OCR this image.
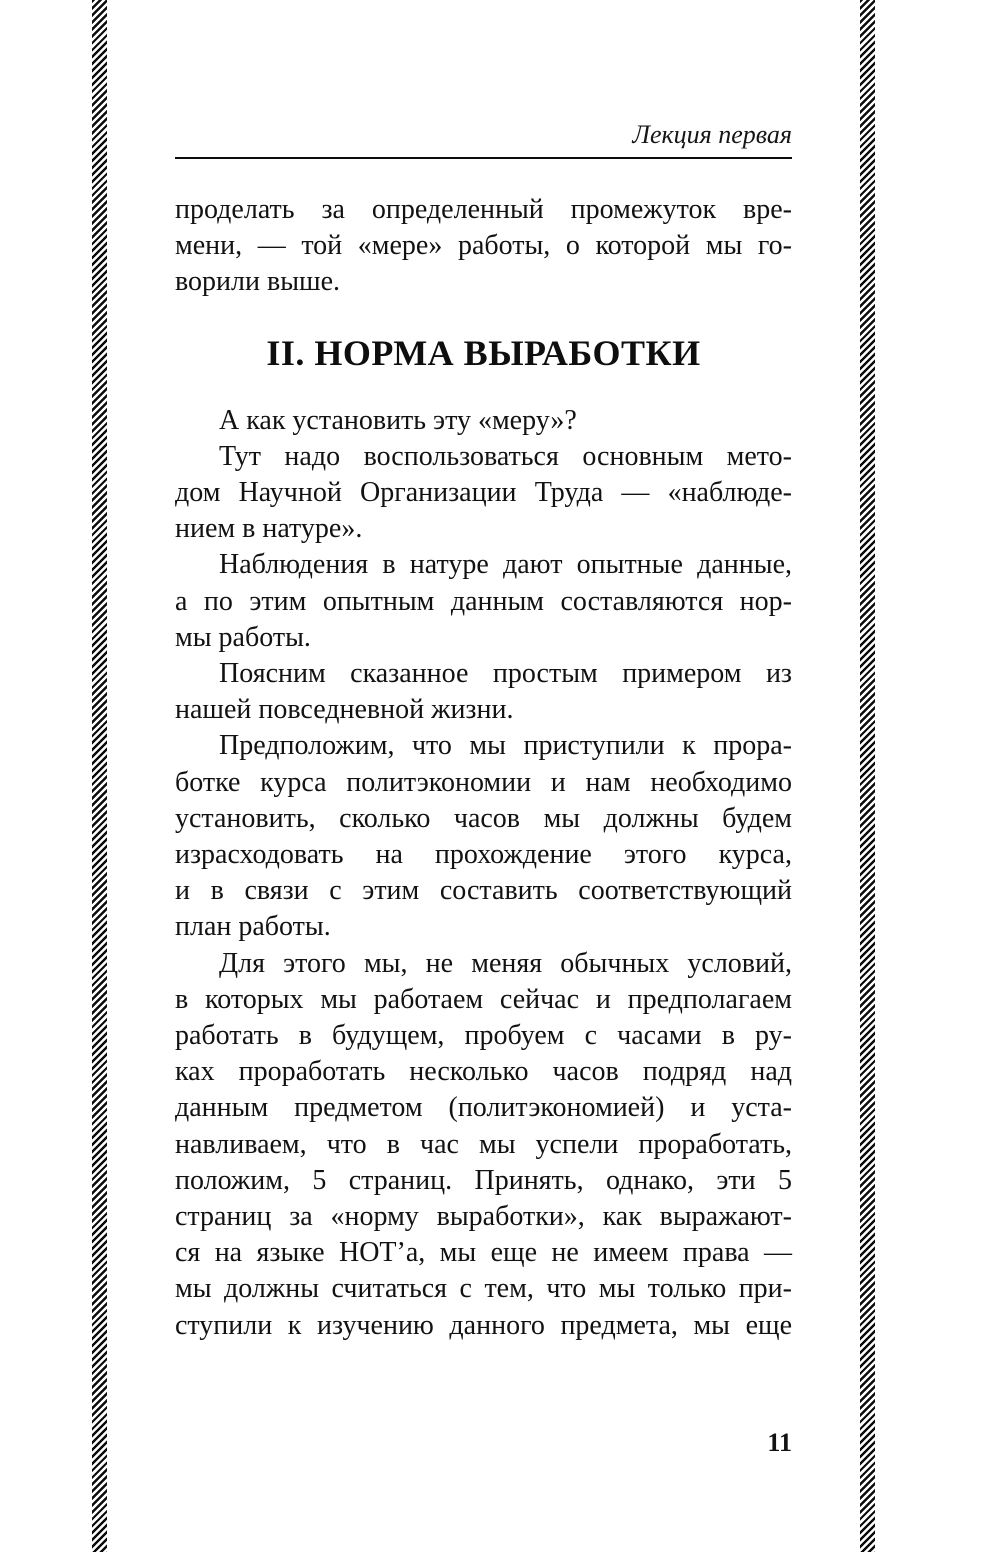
Лекция первая
проделать за определенный промежуток вре-
мени, — той «мере» работы, о которой мы го-
ворили выше.
II. НОРМА ВЫРАБОТКИ
А как установить эту «меру»?
Тут надо воспользоваться основным мето-
дом Научной Организации Труда — «наблюде-
нием в натуре».
Наблюдения в натуре дают опытные данные,
а по этим опытным данным составляются нор-
мы работы.
Поясним сказанное простым примером из
нашей повседневной жизни.
Предположим, что мы приступили к прора-
ботке курса политэкономии и нам необходимо
установить, сколько часов мы должны будем
израсходовать на прохождение этого курса,
и в связи с этим составить соответствующий
план работы.
Для этого мы, не меняя обычных условий,
в которых мы работаем сейчас и предполагаем
работать в будущем, пробуем с часами в ру-
ках проработать несколько часов подряд над
данным предметом (политэкономией) и уста-
навливаем, что в час мы успели проработать,
положим, 5 страниц. Принять, однако, эти 5
страниц за «норму выработки», как выражают-
ся на языке НОТ’а, мы еще не имеем права —
мы должны считаться с тем, что мы только при-
ступили к изучению данного предмета, мы еще
11
